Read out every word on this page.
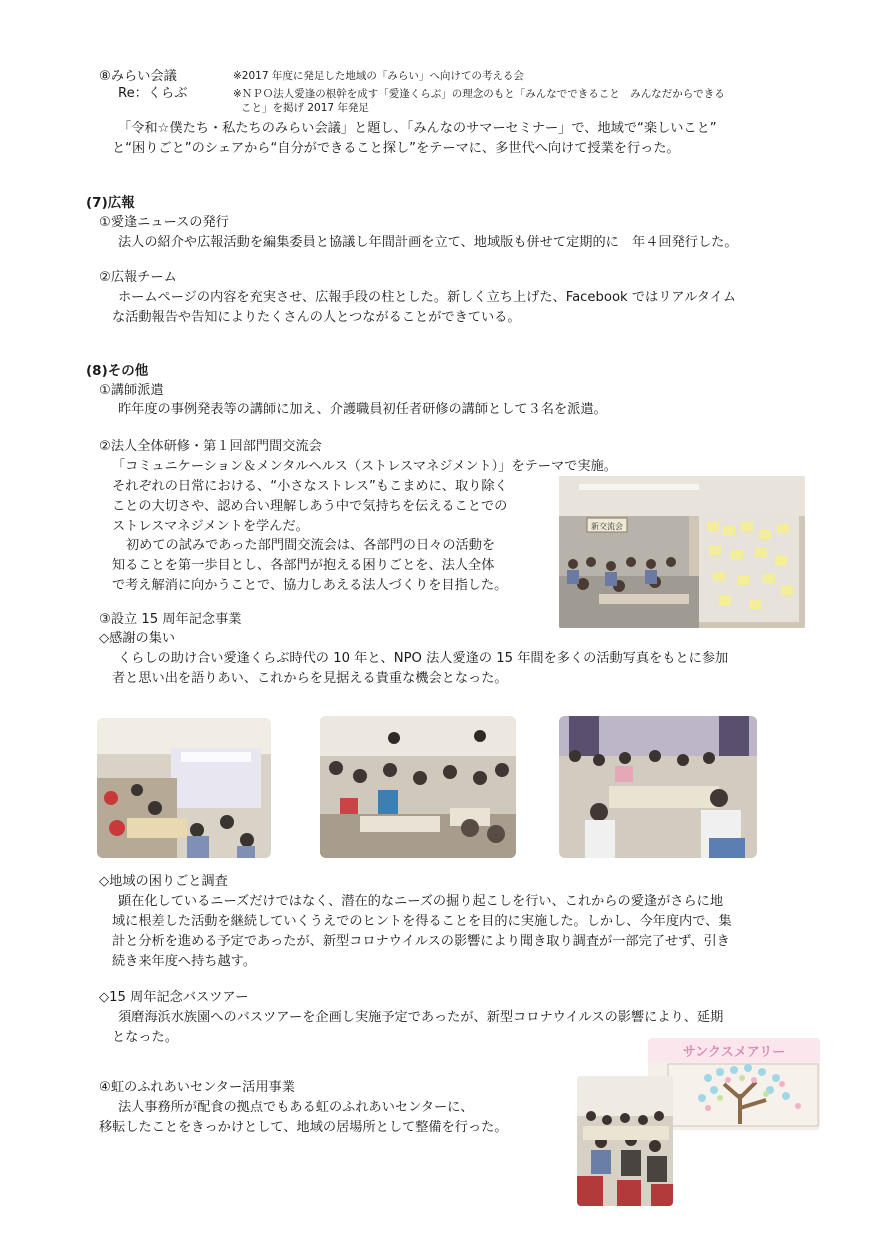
⑧みらい会議	※2017 年度に発足した地域の「みらい」へ向けての考える会
Re：くらぶ	※ＮＰＯ法人愛逢の根幹を成す「愛逢くらぶ」の理念のもと「みんなでできること　みんなだからできる
こと」を掲げ 2017 年発足
「令和☆僕たち・私たちのみらい会議」と題し、「みんなのサマーセミナー」で、地域で“楽しいこと”
と“困りごと”のシェアから“自分ができること探し”をテーマに、多世代へ向けて授業を行った。
(7)広報
①愛逢ニュースの発行
法人の紹介や広報活動を編集委員と協議し年間計画を立て、地域版も併せて定期的に　年４回発行した。
②広報チーム
ホームページの内容を充実させ、広報手段の柱とした。新しく立ち上げた、Facebook ではリアルタイム
な活動報告や告知によりたくさんの人とつながることができている。
(8)その他
①講師派遣
昨年度の事例発表等の講師に加え、介護職員初任者研修の講師として３名を派遣。
②法人全体研修・第１回部門間交流会
「コミュニケーション＆メンタルヘルス（ストレスマネジメント）」をテーマで実施。
それぞれの日常における、“小さなストレス”もこまめに、取り除く
ことの大切さや、認め合い理解しあう中で気持ちを伝えることでの
ストレスマネジメントを学んだ。
初めての試みであった部門間交流会は、各部門の日々の活動を
知ることを第一歩目とし、各部門が抱える困りごとを、法人全体
で考え解消に向かうことで、協力しあえる法人づくりを目指した。
新交流会
③設立 15 周年記念事業
◇感謝の集い
くらしの助け合い愛逢くらぶ時代の 10 年と、NPO 法人愛逢の 15 年間を多くの活動写真をもとに参加
者と思い出を語りあい、これからを見据える貴重な機会となった。
◇地域の困りごと調査
顕在化しているニーズだけではなく、潜在的なニーズの掘り起こしを行い、これからの愛逢がさらに地
域に根差した活動を継続していくうえでのヒントを得ることを目的に実施した。しかし、今年度内で、集
計と分析を進める予定であったが、新型コロナウイルスの影響により聞き取り調査が一部完了せず、引き
続き来年度へ持ち越す。
◇15 周年記念バスツアー
須磨海浜水族園へのバスツアーを企画し実施予定であったが、新型コロナウイルスの影響により、延期
となった。
サンクスメアリー
④虹のふれあいセンター活用事業
法人事務所が配食の拠点でもある虹のふれあいセンターに、
移転したことをきっかけとして、地域の居場所として整備を行った。
